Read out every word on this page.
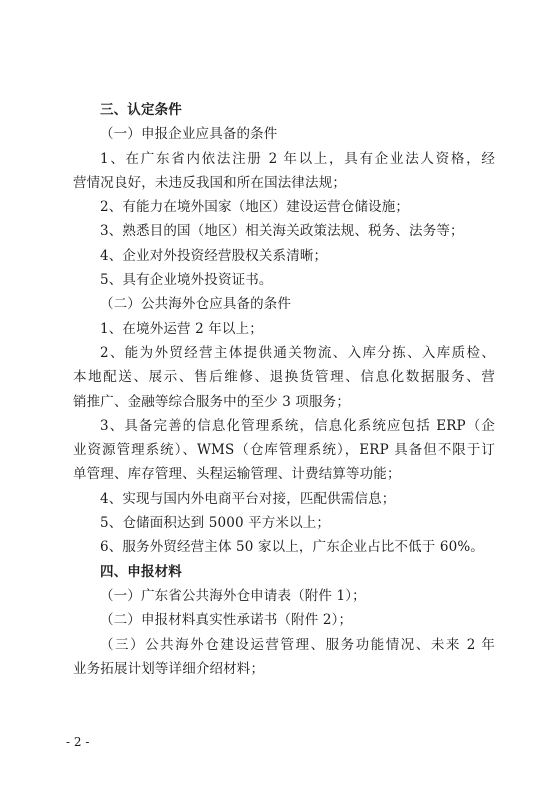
三、认定条件
（一）申报企业应具备的条件
1、在广东省内依法注册 2 年以上，具有企业法人资格，经
营情况良好，未违反我国和所在国法律法规；
2、有能力在境外国家（地区）建设运营仓储设施；
3、熟悉目的国（地区）相关海关政策法规、税务、法务等；
4、企业对外投资经营股权关系清晰；
5、具有企业境外投资证书。
（二）公共海外仓应具备的条件
1、在境外运营 2 年以上；
2、能为外贸经营主体提供通关物流、入库分拣、入库质检、
本地配送、展示、售后维修、退换货管理、信息化数据服务、营
销推广、金融等综合服务中的至少 3 项服务；
3、具备完善的信息化管理系统，信息化系统应包括 ERP（企
业资源管理系统）、WMS（仓库管理系统），ERP 具备但不限于订
单管理、库存管理、头程运输管理、计费结算等功能；
4、实现与国内外电商平台对接，匹配供需信息；
5、仓储面积达到 5000 平方米以上；
6、服务外贸经营主体 50 家以上，广东企业占比不低于 60%。
四、申报材料
（一）广东省公共海外仓申请表（附件 1）；
（二）申报材料真实性承诺书（附件 2）；
（三）公共海外仓建设运营管理、服务功能情况、未来 2 年
业务拓展计划等详细介绍材料；
- 2 -
